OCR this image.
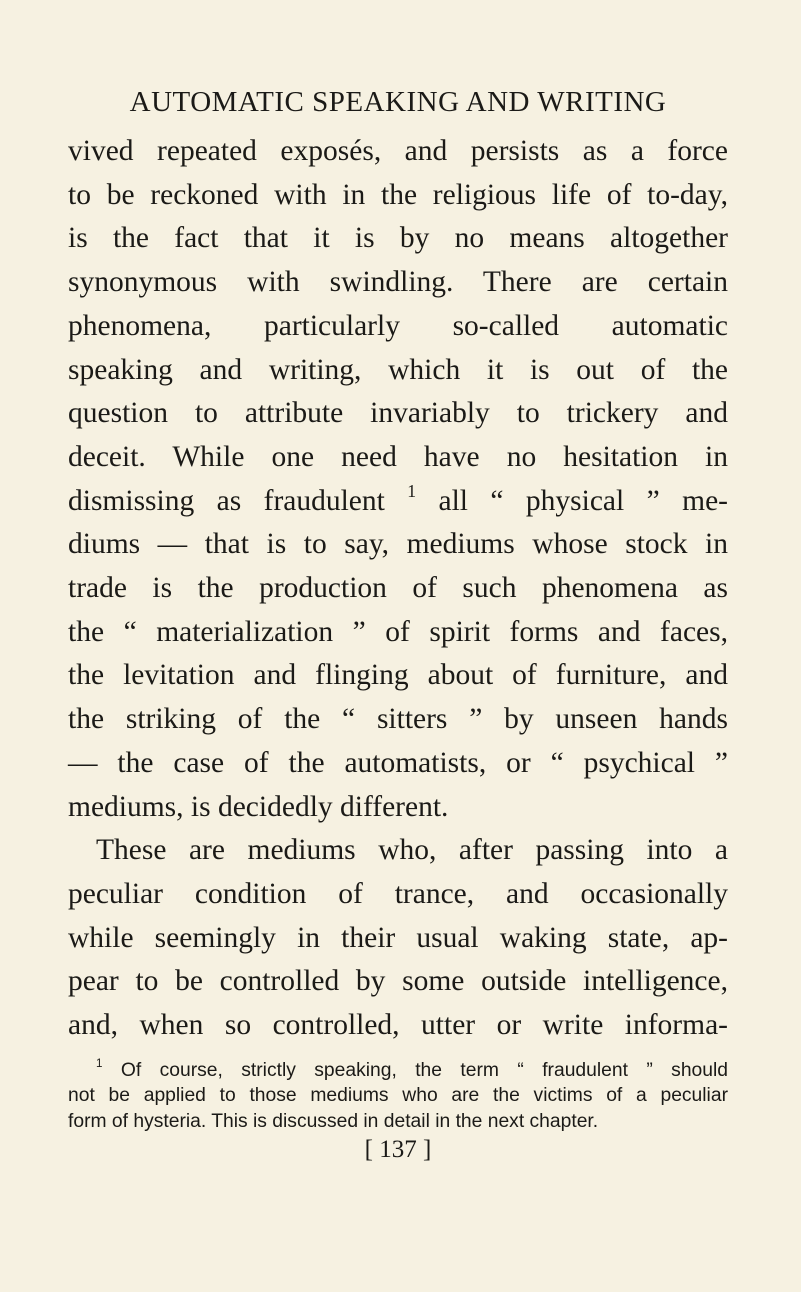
AUTOMATIC SPEAKING AND WRITING

vived repeated exposés, and persists as a force
to be reckoned with in the religious life of to-day,
is the fact that it is by no means altogether
synonymous with swindling. There are certain
phenomena, particularly so-called automatic
speaking and writing, which it is out of the
question to attribute invariably to trickery and
deceit. While one need have no hesitation in
dismissing as fraudulent $^1$ all “ physical ” me-
diums — that is to say, mediums whose stock in
trade is the production of such phenomena as
the “ materialization ” of spirit forms and faces,
the levitation and flinging about of furniture, and
the striking of the “ sitters ” by unseen hands
— the case of the automatists, or “ psychical ”
mediums, is decidedly different.

These are mediums who, after passing into a
peculiar condition of trance, and occasionally
while seemingly in their usual waking state, ap-
pear to be controlled by some outside intelligence,
and, when so controlled, utter or write informa-

$^1$ Of course, strictly speaking, the term “ fraudulent ” should
not be applied to those mediums who are the victims of a peculiar
form of hysteria. This is discussed in detail in the next chapter.
[ 137 ]
